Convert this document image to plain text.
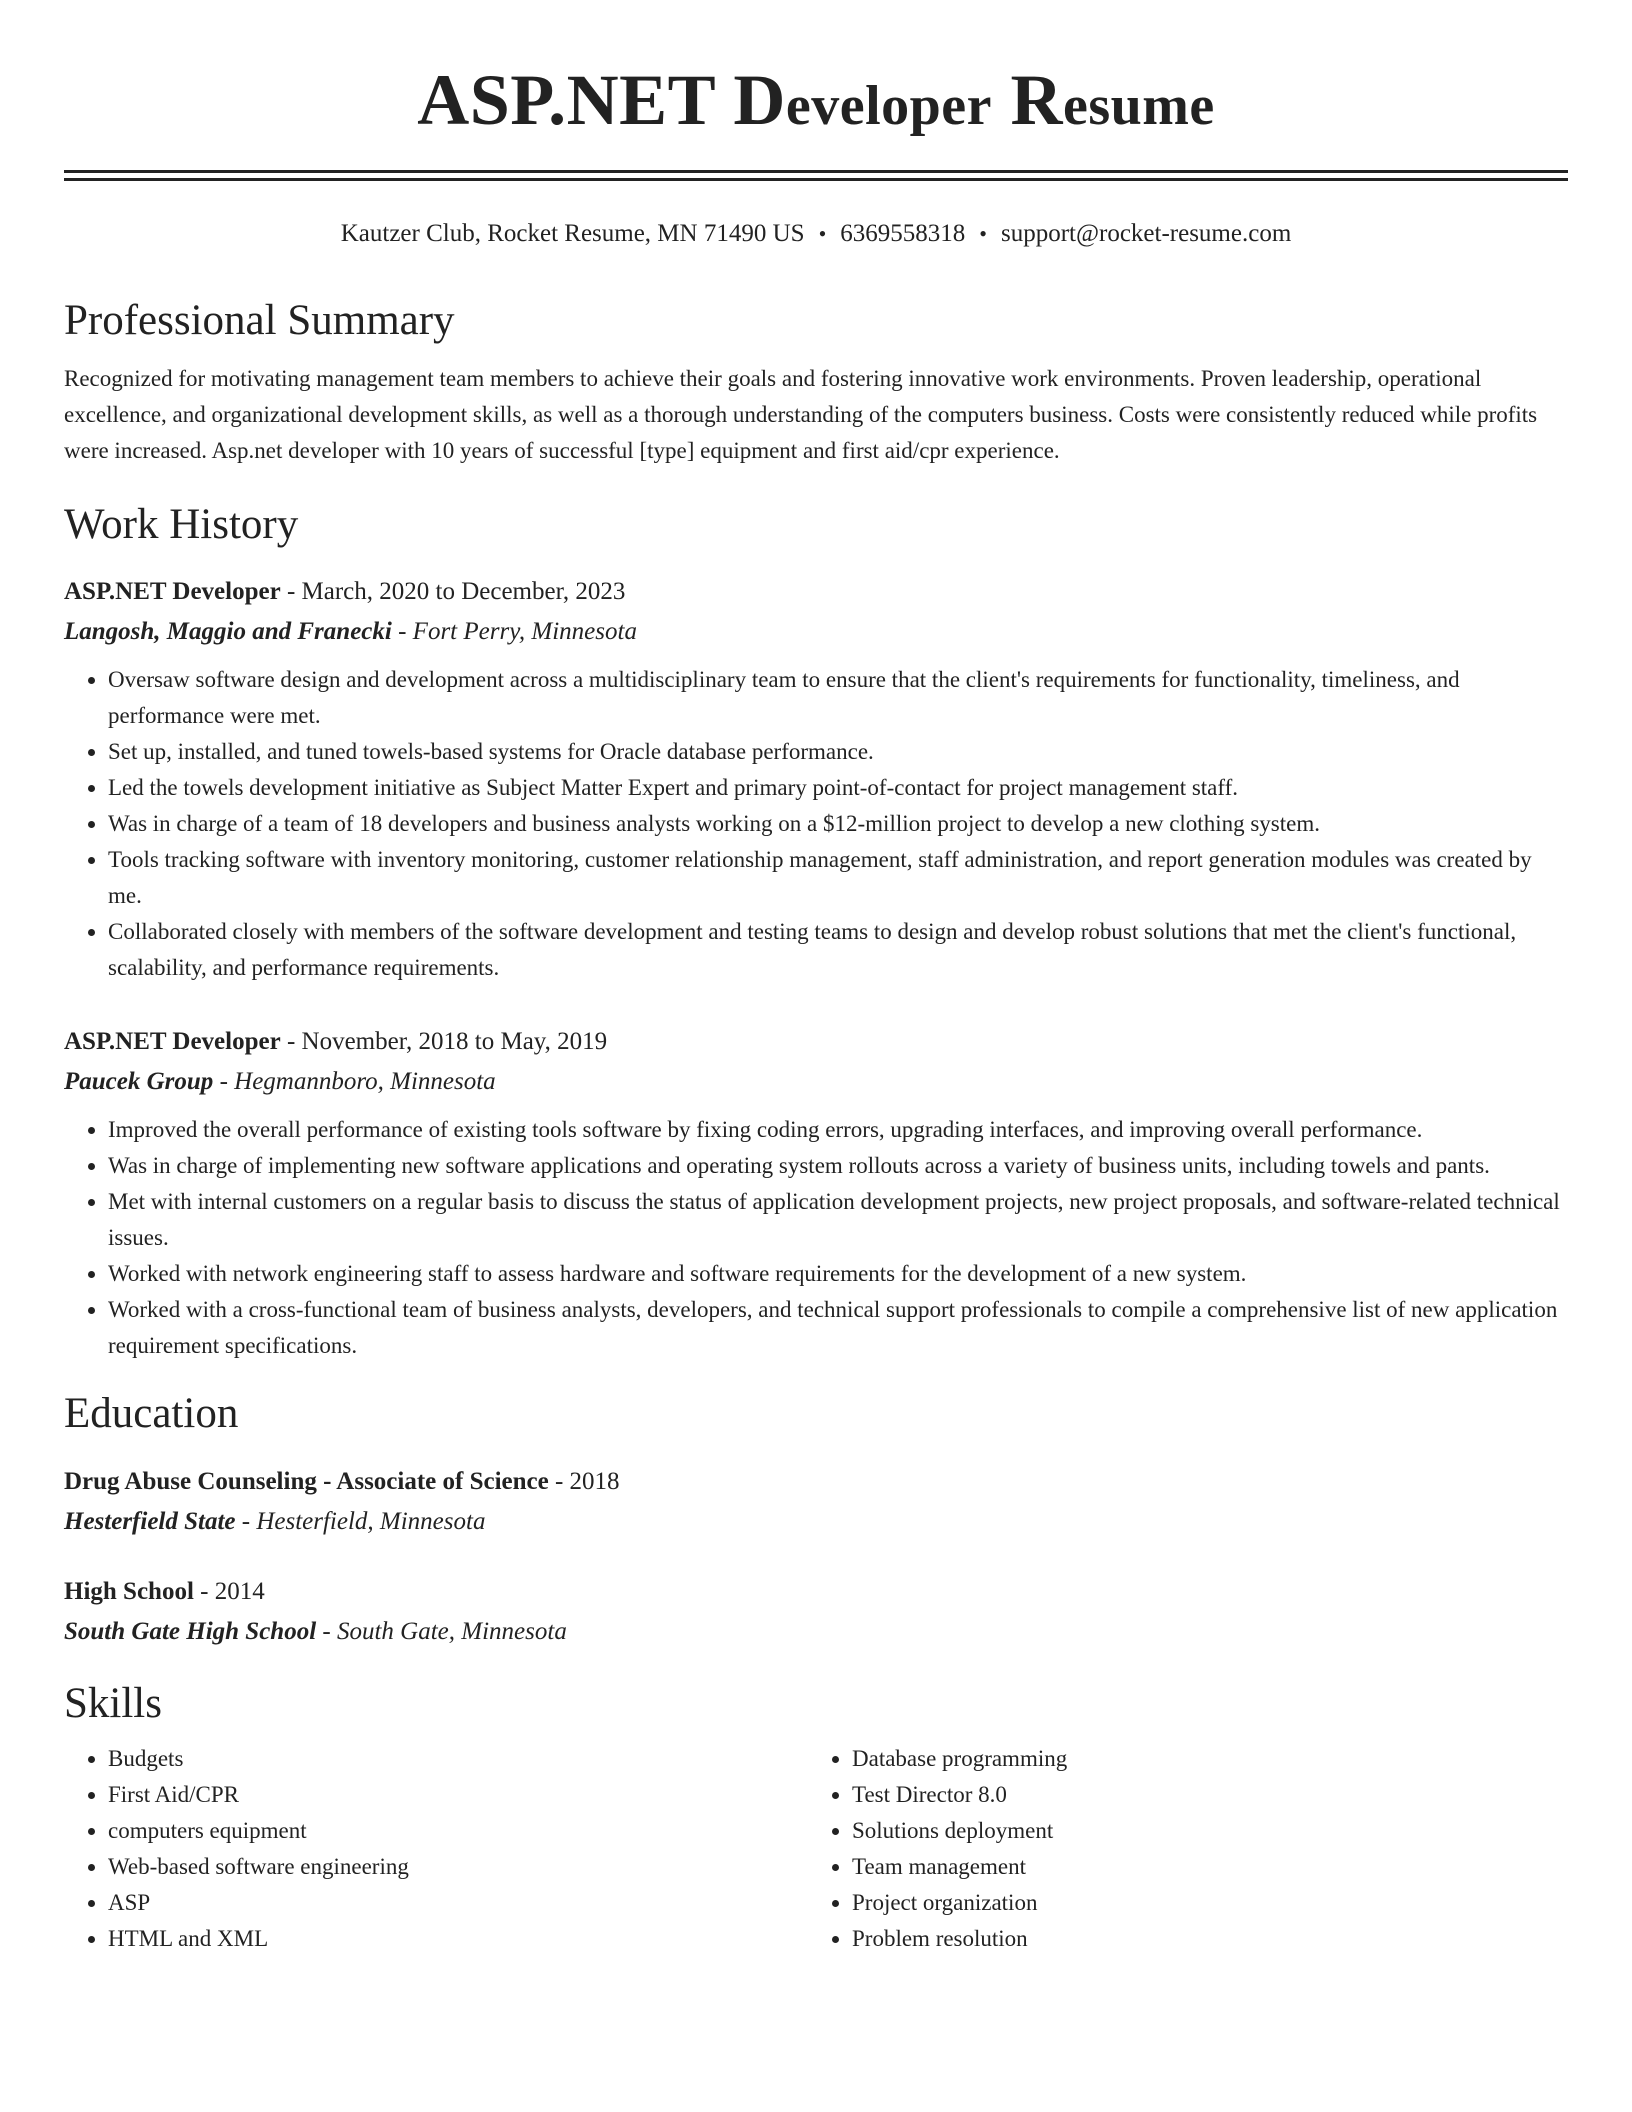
ASP.NET Developer Resume
Kautzer Club, Rocket Resume, MN 71490 US • 6369558318 • support@rocket-resume.com
Professional Summary
Recognized for motivating management team members to achieve their goals and fostering innovative work environments. Proven leadership, operational excellence, and organizational development skills, as well as a thorough understanding of the computers business. Costs were consistently reduced while profits were increased. Asp.net developer with 10 years of successful [type] equipment and first aid/cpr experience.
Work History
ASP.NET Developer - March, 2020 to December, 2023
Langosh, Maggio and Franecki - Fort Perry, Minnesota
• Oversaw software design and development across a multidisciplinary team to ensure that the client's requirements for functionality, timeliness, and performance were met.
• Set up, installed, and tuned towels-based systems for Oracle database performance.
• Led the towels development initiative as Subject Matter Expert and primary point-of-contact for project management staff.
• Was in charge of a team of 18 developers and business analysts working on a $12-million project to develop a new clothing system.
• Tools tracking software with inventory monitoring, customer relationship management, staff administration, and report generation modules was created by me.
• Collaborated closely with members of the software development and testing teams to design and develop robust solutions that met the client's functional, scalability, and performance requirements.
ASP.NET Developer - November, 2018 to May, 2019
Paucek Group - Hegmannboro, Minnesota
• Improved the overall performance of existing tools software by fixing coding errors, upgrading interfaces, and improving overall performance.
• Was in charge of implementing new software applications and operating system rollouts across a variety of business units, including towels and pants.
• Met with internal customers on a regular basis to discuss the status of application development projects, new project proposals, and software-related technical issues.
• Worked with network engineering staff to assess hardware and software requirements for the development of a new system.
• Worked with a cross-functional team of business analysts, developers, and technical support professionals to compile a comprehensive list of new application requirement specifications.
Education
Drug Abuse Counseling - Associate of Science - 2018
Hesterfield State - Hesterfield, Minnesota
High School - 2014
South Gate High School - South Gate, Minnesota
Skills
• Budgets
• First Aid/CPR
• computers equipment
• Web-based software engineering
• ASP
• HTML and XML
• Database programming
• Test Director 8.0
• Solutions deployment
• Team management
• Project organization
• Problem resolution
